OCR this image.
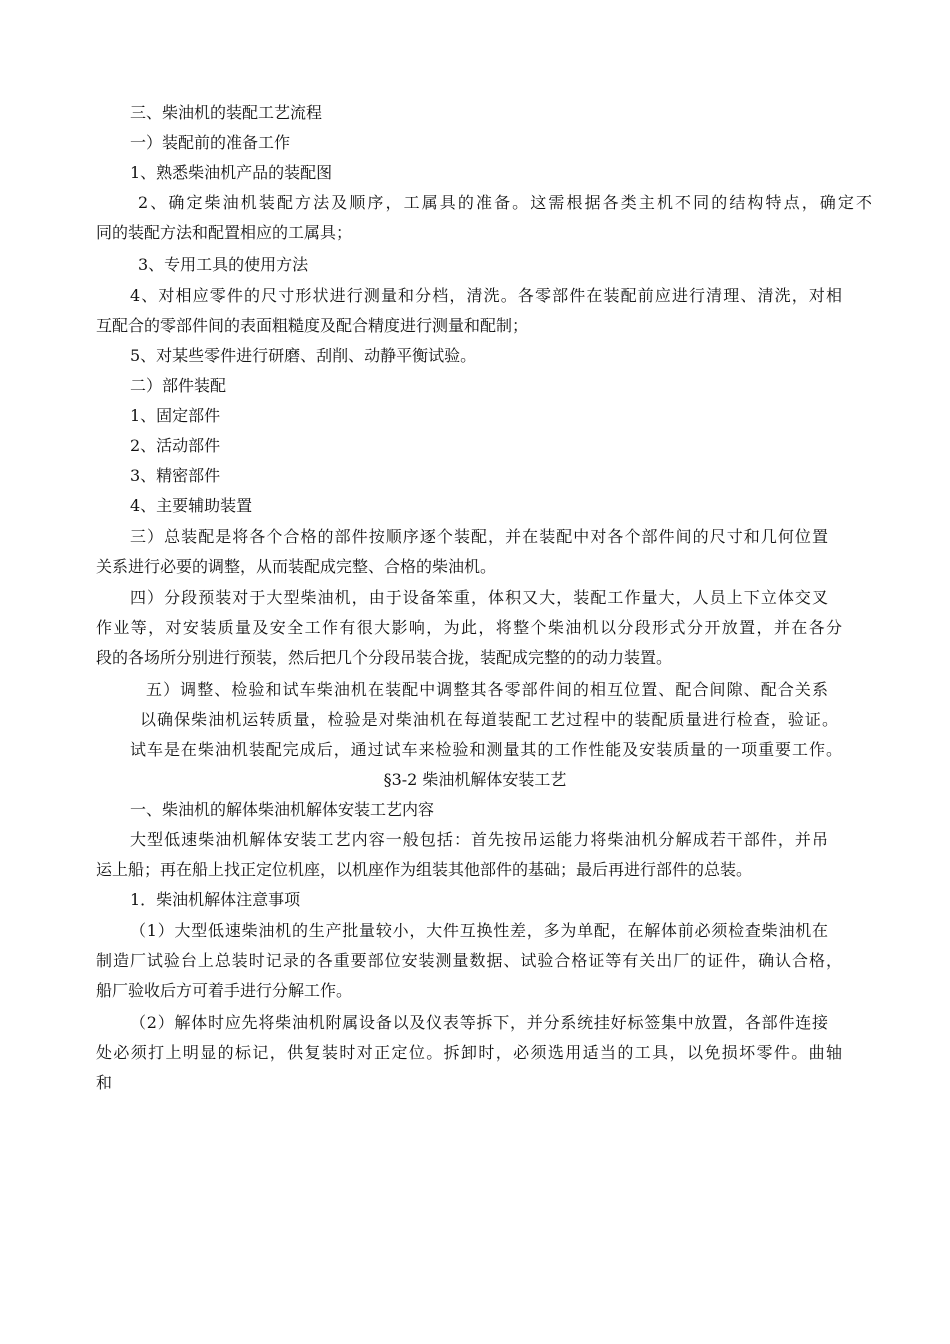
三、柴油机的装配工艺流程

一）装配前的准备工作

1、熟悉柴油机产品的装配图

2、确定柴油机装配方法及顺序，工属具的准备。这需根据各类主机不同的结构特点，确定不

同的装配方法和配置相应的工属具；

3、专用工具的使用方法

4、对相应零件的尺寸形状进行测量和分档，清洗。各零部件在装配前应进行清理、清洗，对相

互配合的零部件间的表面粗糙度及配合精度进行测量和配制；

5、对某些零件进行研磨、刮削、动静平衡试验。

二）部件装配

1、固定部件

2、活动部件

3、精密部件

4、主要辅助装置

三）总装配是将各个合格的部件按顺序逐个装配，并在装配中对各个部件间的尺寸和几何位置

关系进行必要的调整，从而装配成完整、合格的柴油机。

四）分段预装对于大型柴油机，由于设备笨重，体积又大，装配工作量大，人员上下立体交叉

作业等，对安装质量及安全工作有很大影响，为此，将整个柴油机以分段形式分开放置，并在各分

段的各场所分别进行预装，然后把几个分段吊装合拢，装配成完整的的动力装置。

五）调整、检验和试车柴油机在装配中调整其各零部件间的相互位置、配合间隙、配合关系

以确保柴油机运转质量，检验是对柴油机在每道装配工艺过程中的装配质量进行检查，验证。

试车是在柴油机装配完成后，通过试车来检验和测量其的工作性能及安装质量的一项重要工作。

§3-2 柴油机解体安装工艺

一、柴油机的解体柴油机解体安装工艺内容

大型低速柴油机解体安装工艺内容一般包括：首先按吊运能力将柴油机分解成若干部件，并吊

运上船；再在船上找正定位机座，以机座作为组装其他部件的基础；最后再进行部件的总装。

1．柴油机解体注意事项

（1）大型低速柴油机的生产批量较小，大件互换性差，多为单配，在解体前必须检查柴油机在

制造厂试验台上总装时记录的各重要部位安装测量数据、试验合格证等有关出厂的证件，确认合格，

船厂验收后方可着手进行分解工作。

（2）解体时应先将柴油机附属设备以及仪表等拆下，并分系统挂好标签集中放置，各部件连接

处必须打上明显的标记，供复装时对正定位。拆卸时，必须选用适当的工具，以免损坏零件。曲轴

和
